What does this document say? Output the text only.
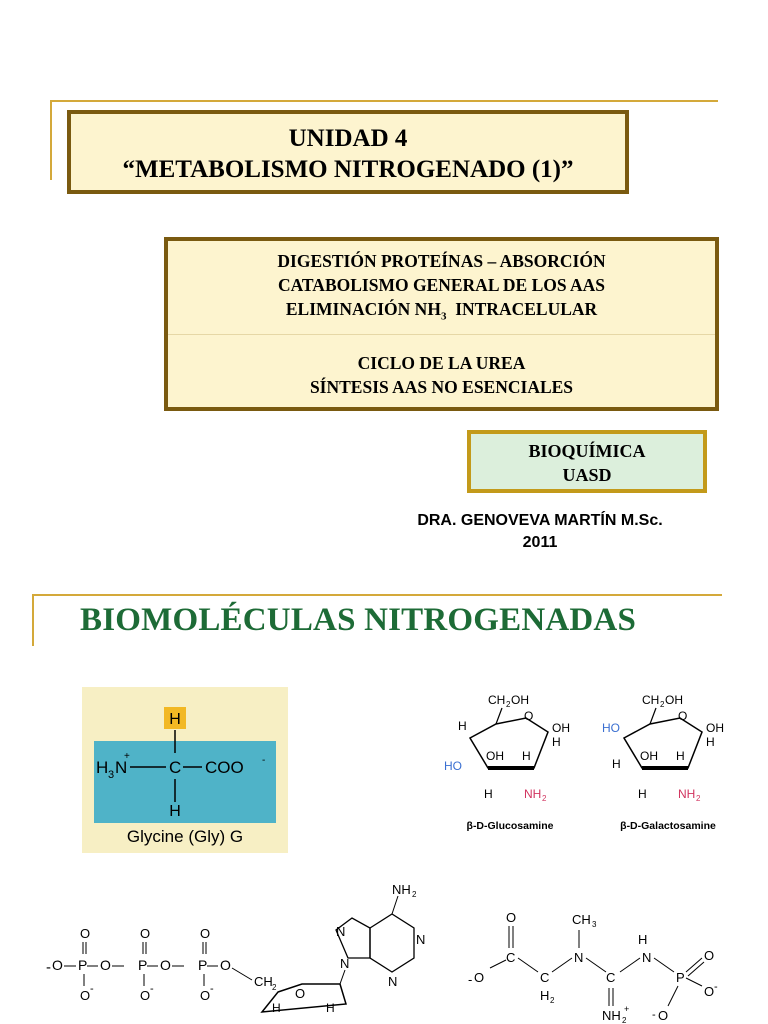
UNIDAD 4
“METABOLISMO NITROGENADO (1)”
DIGESTIÓN PROTEÍNAS – ABSORCIÓN
CATABOLISMO GENERAL DE LOS AAS
ELIMINACIÓN $NH_3$  INTRACELULAR
CICLO DE LA UREA
SÍNTESIS AAS NO ESENCIALES
BIOQUÍMICA
UASD
DRA. GENOVEVA MARTÍN M.Sc.
2011
BIOMOLÉCULAS NITROGENADAS
H
H 3 N
+
C COO -
H
Glycine (Gly) G
CH 2 OH
O
H	OH
H
HO
OH H
H	NH 2
β-D-Glucosamine
CH 2 OH
O
HO	OH
H
H
OH H
H	NH 2
β-D-Galactosamine
- O P O P O P O
O	O	O
O -	O -	O -	CH 2 O
H	H
N
N
N
N
NH 2
O
C
- O	C
H 2
N
CH 3
C
NH 2
+
H
N
P
O
O -
- O
